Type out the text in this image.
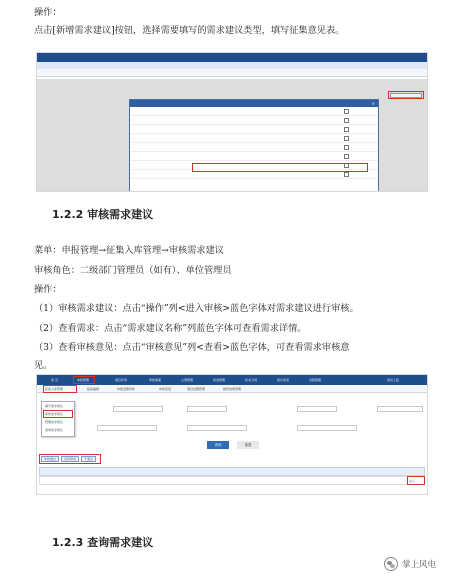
操作：
点击[新增需求建议]按钮，选择需要填写的需求建议类型，填写征集意见表。
×
1.2.2 审核需求建议
菜单：申报管理→征集入库管理→审核需求建议
审核角色：二级部门管理员（如有）、单位管理员
操作：
（1）审核需求建议：点击“操作”列<进入审核>蓝色字体对需求建议进行审核。
（2）查看需求：点击“需求建议名称”列蓝色字体可查看需求详情。
（3）查看审核意见：点击“审核意见”列<查看>蓝色字体，可查看需求审核意
见。
首 页	申报管理	项目评审	审核备案	立项管理	资金管理	技术合同	统计报表	过程管理	信息上报
征集入库管理	指南编制	申报受理审核	申报报送	项目受理管理	推荐结果管理
填写需求建议
审核需求建议
管理需求建议
查询需求建议
查询	重置
审核通过	退回修改	不通过
进入...
1.2.3 查询需求建议
掌上风电
